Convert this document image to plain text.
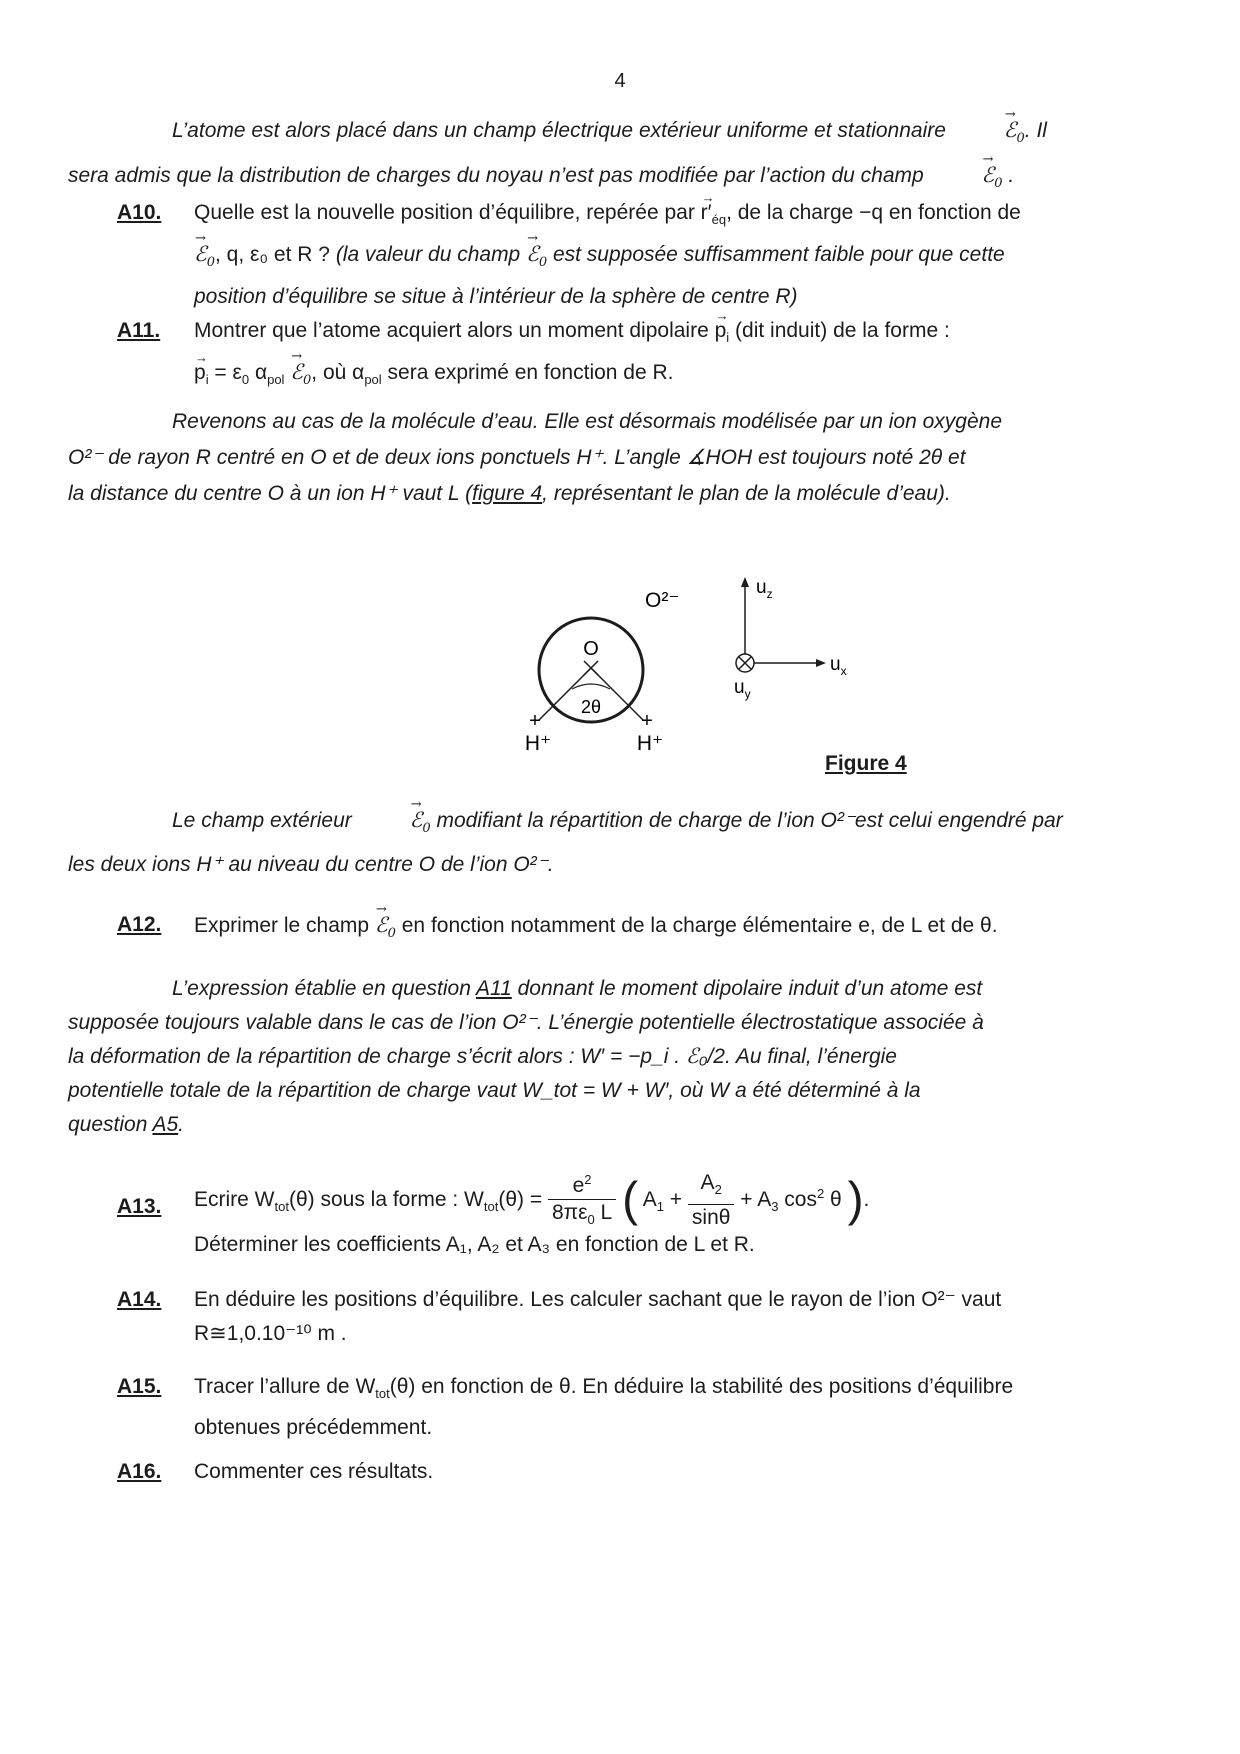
4
L’atome est alors placé dans un champ électrique extérieur uniforme et stationnaire	→ ℰ$_0$. Il
sera admis que la distribution de charges du noyau n’est pas modifiée par l’action du champ	→ ℰ$_0$ .
A10. Quelle est la nouvelle position d’équilibre, repérée par → $r'_{éq}$, de la charge −q en fonction de
→ ℰ$_0$, q, ε₀ et R ? (la valeur du champ → ℰ$_0$ est supposée suffisamment faible pour que cette
position d’équilibre se situe à l’intérieur de la sphère de centre R)
A11. Montrer que l’atome acquiert alors un moment dipolaire → $p_i$ (dit induit) de la forme :
→ $p_i = \varepsilon_0$ $\alpha_{pol}$ → ℰ$_0$, où $\alpha_{pol}$ sera exprimé en fonction de R.
Revenons au cas de la molécule d’eau. Elle est désormais modélisée par un ion oxygène
O²⁻ de rayon R centré en O et de deux ions ponctuels H⁺. L’angle ∡HOH est toujours noté 2θ et
la distance du centre O à un ion H⁺ vaut L (figure 4, représentant le plan de la molécule d’eau).
O
2θ
O²⁻
+	+
H⁺	H⁺
$u_z$
$u_x$
$u_y$
Figure 4
Le champ extérieur	→ ℰ$_0$ modifiant la répartition de charge de l’ion O²⁻est celui engendré par
les deux ions H⁺ au niveau du centre O de l’ion O²⁻.
A12. Exprimer le champ → ℰ$_0$ en fonction notamment de la charge élémentaire e, de L et de θ.
L’expression établie en question A11 donnant le moment dipolaire induit d’un atome est
supposée toujours valable dans le cas de l’ion O²⁻. L’énergie potentielle électrostatique associée à
la déformation de la répartition de charge s’écrit alors : W′ = −p_i . ℰ₀/2. Au final, l’énergie
potentielle totale de la répartition de charge vaut W_tot = W + W′, où W a été déterminé à la
question A5.
A13. Ecrire $W_{tot}(\theta)$ sous la forme : $W_{tot}(\theta) = \frac{e^2}{8\pi\varepsilon_0 L}$ ( $A_1 + \frac{A_2}{\sin\theta} + A_3$ $\cos^2 \theta$ ).
Déterminer les coefficients A₁, A₂ et A₃ en fonction de L et R.
A14. En déduire les positions d’équilibre. Les calculer sachant que le rayon de l’ion O²⁻ vaut
R≅1,0.10⁻¹⁰ m .
A15. Tracer l’allure de $W_{tot}(\theta)$ en fonction de θ. En déduire la stabilité des positions d’équilibre
obtenues précédemment.
A16. Commenter ces résultats.
